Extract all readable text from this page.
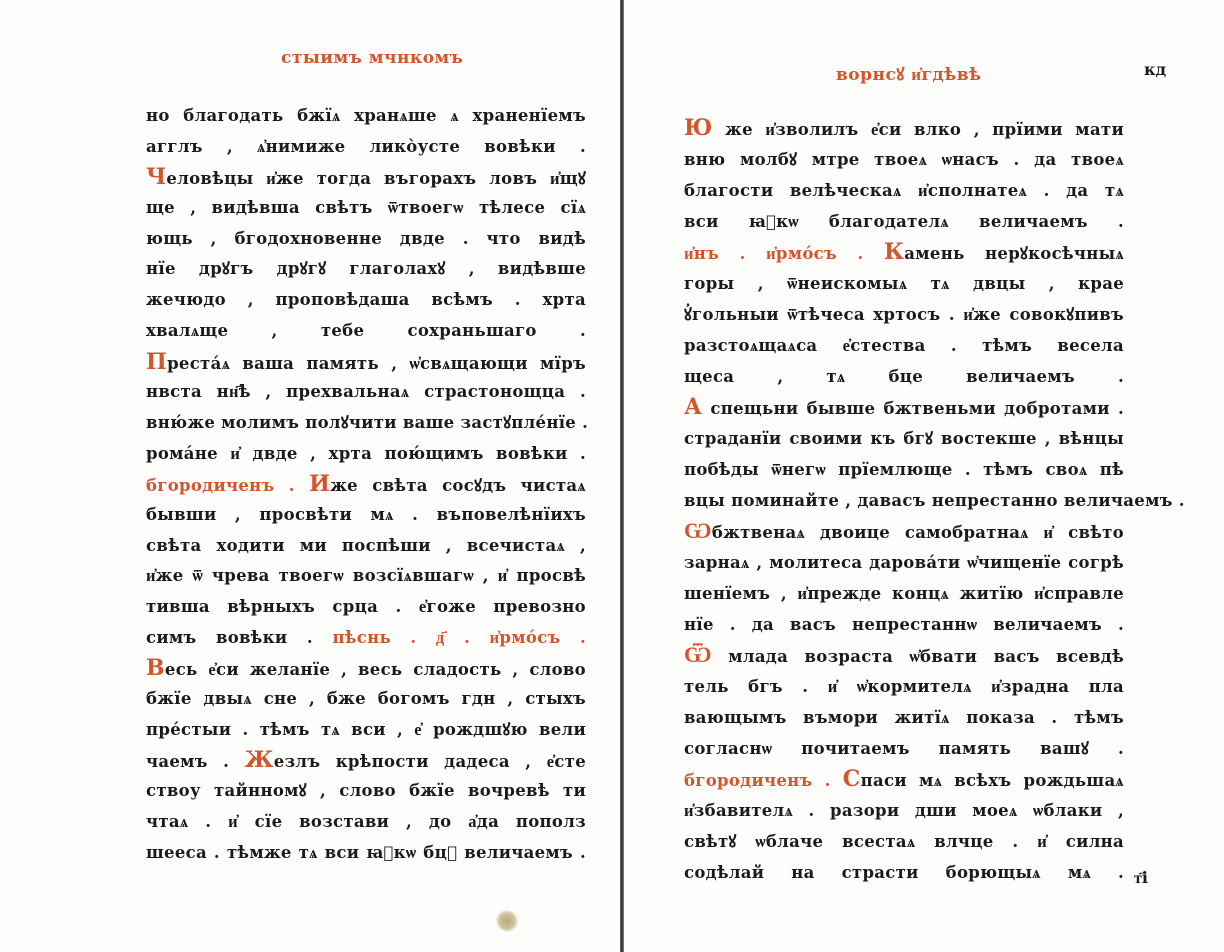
стыимъ мчнкомъ
но благодать бжїѧ хранѧше ѧ храненїемъ
агглъ , ѧ҆нимиже лико̀усте вовѣки .
Человѣцы и҆же тогда въгорахъ ловъ и҆щꙋ
ще , видѣвша свѣтъ ѿтвоегѡ тѣлесе сїѧ
ющь , бгодохновенне двде . что видѣ
нїе дрꙋгъ дрꙋгꙋ глаголахꙋ , видѣвше
жечюдо , проповѣдаша всѣмъ . хрта
хвалѧще , тебе сохраньшаго .
Преста́ѧ ваша память , ѡ҆свѧщающи мїръ
нвста нн҃ѣ , прехвальнаѧ страстонощца .
вню́же молимъ полꙋчити ваше застꙋпле́нїе .
ромáне и҆ двде , хрта пою́щимъ вовѣки .
бгородиченъ . Иже свѣта сосꙋдъ чистаѧ
бывши , просвѣти мѧ . въповелѣнїихъ
свѣта ходити ми поспѣши , всечистаѧ ,
и҆же ѿ чрева твоегѡ возсїѧвшагѡ , и҆ просвѣ
тивша вѣрныхъ срца . е҆гоже превозно
симъ вовѣки . пѣснь . д҃ . и҆рмо́съ .
Весь е҆си желанїе , весь сладость , слово
бжїе двыѧ сне , бже богомъ гдн , стыхъ
пре́стыи . тѣмъ тѧ вси , е҆ рождшꙋю вели
чаемъ . Жезлъ крѣпости дадеса , е҆сте
ствоу тайнномꙋ , слово бжїе вочревѣ ти
чтаѧ . и҆ сїе возстави , до а҆да пополз
шееса . тѣмже тѧ вси ꙗ҆кѡ бцꙋ величаемъ .
ворнсꙋ и҆гдѣвѣ	кд
Ю же и҆зволилъ е҆си влко , прїими мати
вню молбꙋ мтре твоеѧ ѡнасъ . да твоеѧ
благости велѣчеcкаѧ и҆сполнатеѧ . да тѧ
вси ꙗ҆кѡ благодателѧ величаемъ .
и҆нъ . и҆рмо́съ . Камень нерꙋкосѣчныѧ
горы , ѿнеискомыѧ тѧ двцы , крае
ꙋ҆гольныи ѿтѣчеса хртосъ . и҆же совокꙋпивъ
разстоѧщаѧса е҆стества . тѣмъ весела
щеса , тѧ бце величаемъ .
А спещьни бывше бжтвеньми добротами .
страданїи своими къ бгꙋ востекше , вѣнцы
побѣды ѿнегѡ прїемлюще . тѣмъ своѧ пѣ
вцы поминайте , давасъ непрестанно величаемъ .
Ѡбжтвенаѧ двоице самобратнаѧ и҆ свѣто
зарнаѧ , молитеса дарова́ти ѡ҆чищенїе согрѣ
шенїемъ , и҆прежде концѧ житїю и҆справле
нїе . да васъ непрестаннѡ величаемъ .
Ѿ млада возраста ѡ҆бвати васъ всевдѣ
тель бгъ . и҆ ѡ҆кормителѧ и҆зрадна пла
вающымъ въмори житїѧ показа . тѣмъ
согласнѡ почитаемъ память вашꙋ .
бгородиченъ . Спаси мѧ всѣхъ рождьшаѧ
и҆збавителѧ . разори дши моеѧ ѡблаки ,
свѣтꙋ ѡблаче всестаѧ влчце . и҆ силна
содѣлай на страсти борющыѧ мѧ . т҃і
